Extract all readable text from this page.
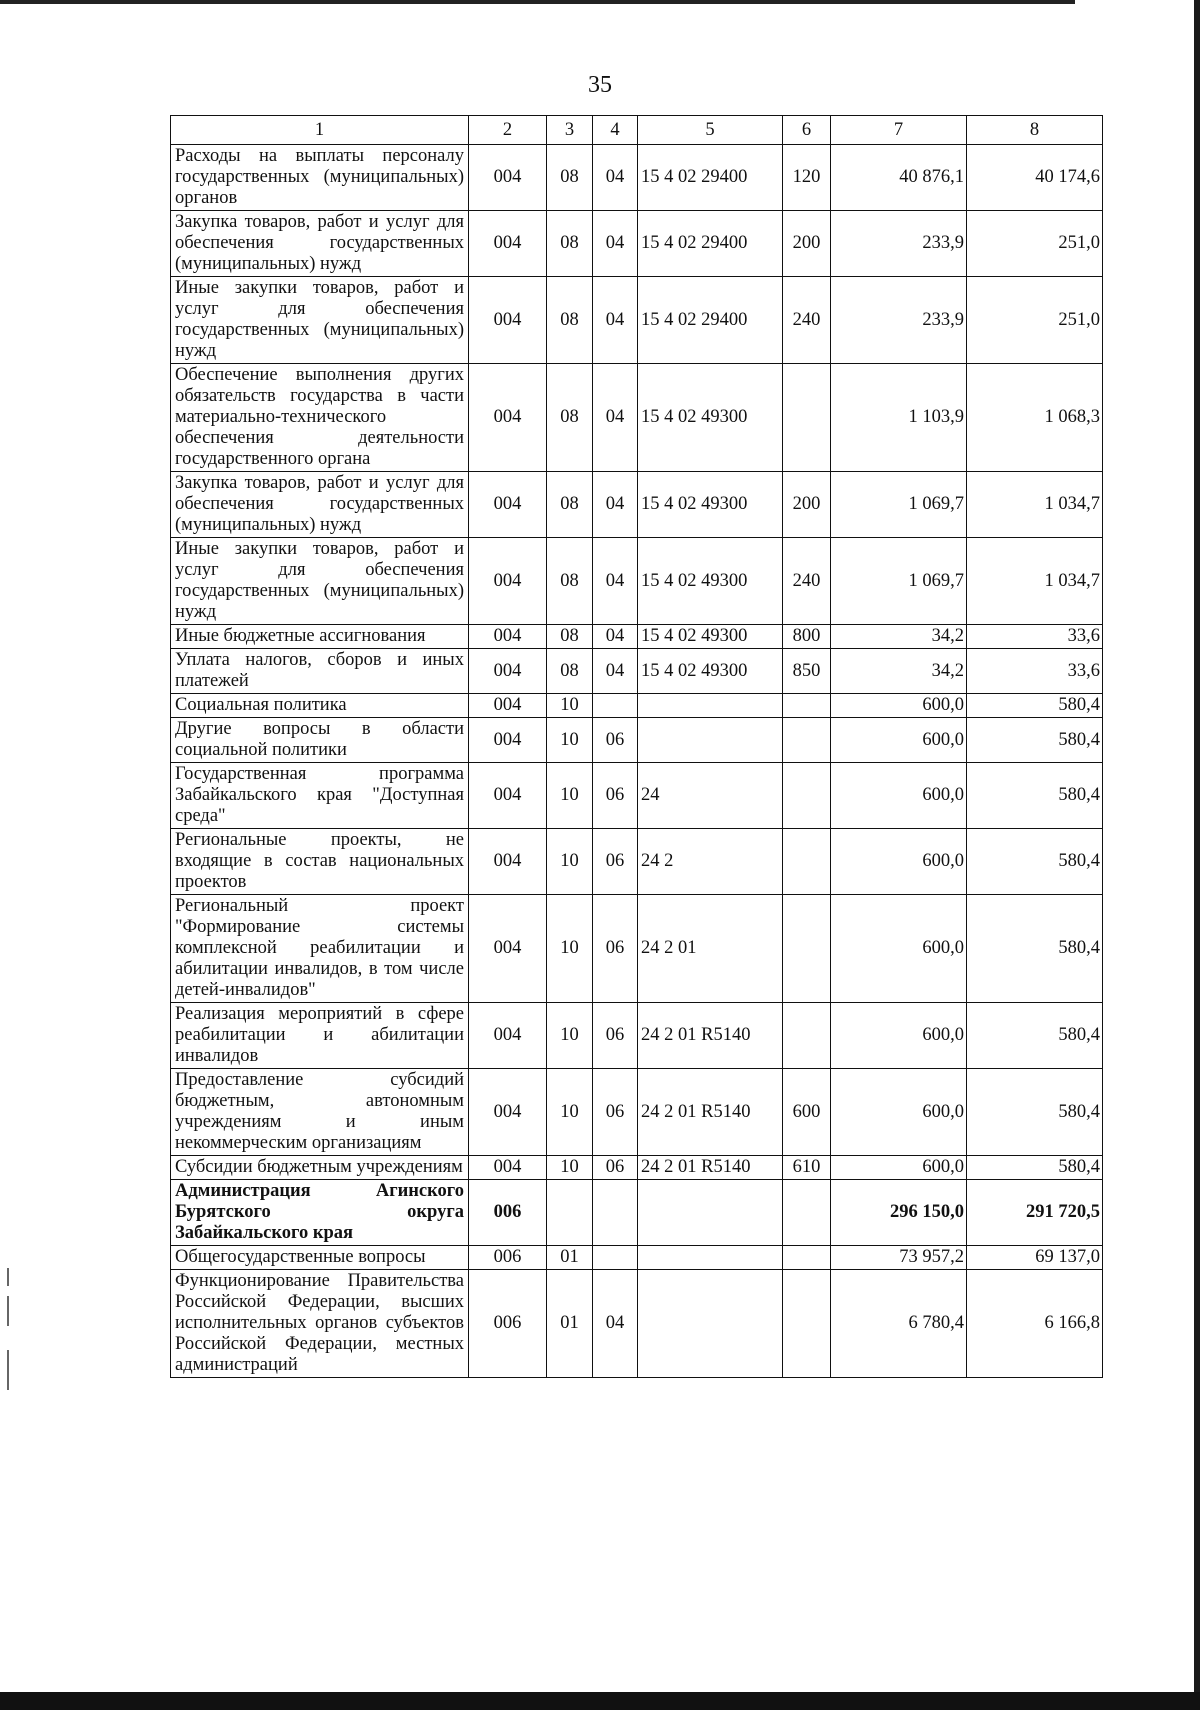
35
1	2	3	4	5	6	7	8
Расходы на выплаты персоналу государственных (муниципальных) органов	004	08	04	15 4 02 29400	120	40 876,1	40 174,6
Закупка товаров, работ и услуг для обеспечения государственных (муниципальных) нужд	004	08	04	15 4 02 29400	200	233,9	251,0
Иные закупки товаров, работ и услуг для обеспечения государственных (муниципальных) нужд	004	08	04	15 4 02 29400	240	233,9	251,0
Обеспечение выполнения других обязательств государства в части материально-технического обеспечения деятельности государственного органа	004	08	04	15 4 02 49300		1 103,9	1 068,3
Закупка товаров, работ и услуг для обеспечения государственных (муниципальных) нужд	004	08	04	15 4 02 49300	200	1 069,7	1 034,7
Иные закупки товаров, работ и услуг для обеспечения государственных (муниципальных) нужд	004	08	04	15 4 02 49300	240	1 069,7	1 034,7
Иные бюджетные ассигнования	004	08	04	15 4 02 49300	800	34,2	33,6
Уплата налогов, сборов и иных платежей	004	08	04	15 4 02 49300	850	34,2	33,6
Социальная политика	004	10				600,0	580,4
Другие вопросы в области социальной политики	004	10	06			600,0	580,4
Государственная программа Забайкальского края "Доступная среда"	004	10	06	24		600,0	580,4
Региональные проекты, не входящие в состав национальных проектов	004	10	06	24 2		600,0	580,4
Региональный проект "Формирование системы комплексной реабилитации и абилитации инвалидов, в том числе детей-инвалидов"	004	10	06	24 2 01		600,0	580,4
Реализация мероприятий в сфере реабилитации и абилитации инвалидов	004	10	06	24 2 01 R5140		600,0	580,4
Предоставление субсидий бюджетным, автономным учреждениям и иным некоммерческим организациям	004	10	06	24 2 01 R5140	600	600,0	580,4
Субсидии бюджетным учреждениям	004	10	06	24 2 01 R5140	610	600,0	580,4
Администрация Агинского Бурятского округа Забайкальского края	006					296 150,0	291 720,5
Общегосударственные вопросы	006	01				73 957,2	69 137,0
Функционирование Правительства Российской Федерации, высших исполнительных органов субъектов Российской Федерации, местных администраций	006	01	04			6 780,4	6 166,8
